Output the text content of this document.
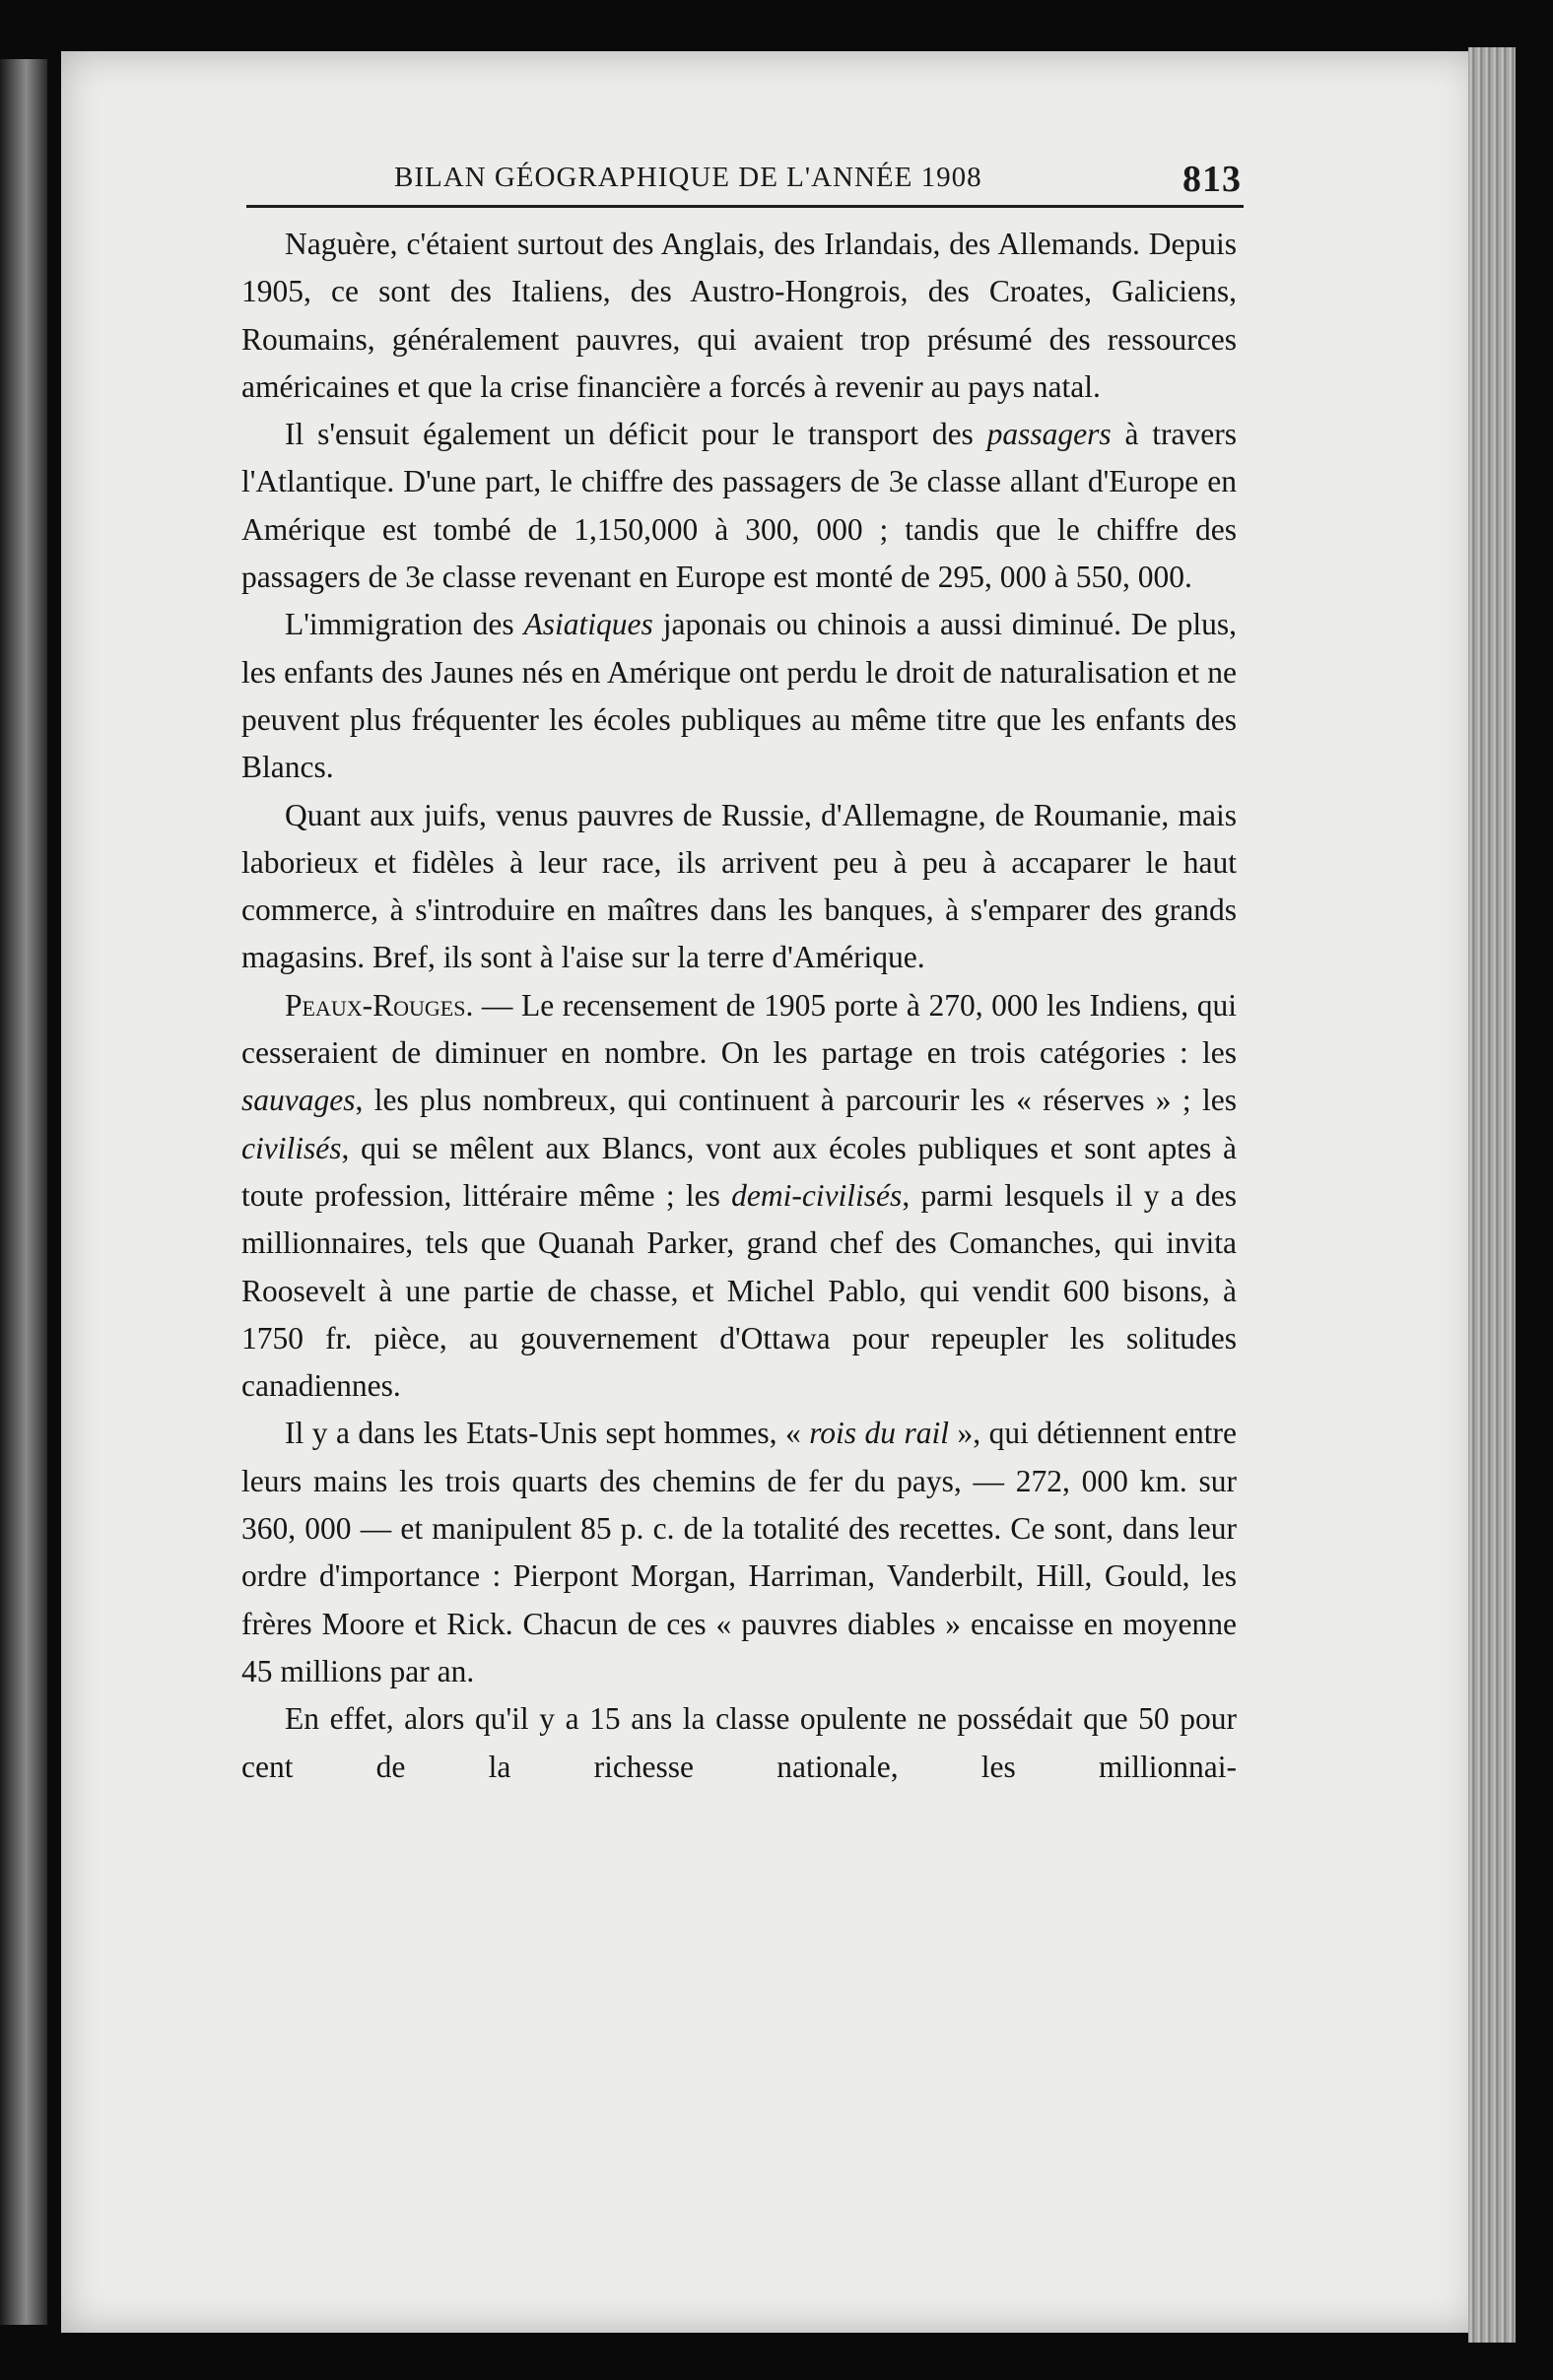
BILAN GÉOGRAPHIQUE DE L'ANNÉE 1908	813

Naguère, c'étaient surtout des Anglais, des Irlandais, des Allemands. Depuis 1905, ce sont des Italiens, des Austro-Hongrois, des Croates, Galiciens, Roumains, généralement pauvres, qui avaient trop présumé des ressources américaines et que la crise financière a forcés à revenir au pays natal.

Il s'ensuit également un déficit pour le transport des passagers à travers l'Atlantique. D'une part, le chiffre des passagers de 3e classe allant d'Europe en Amérique est tombé de 1,150,000 à 300, 000 ; tandis que le chiffre des passagers de 3e classe revenant en Europe est monté de 295, 000 à 550, 000.

L'immigration des Asiatiques japonais ou chinois a aussi diminué. De plus, les enfants des Jaunes nés en Amérique ont perdu le droit de naturalisation et ne peuvent plus fréquenter les écoles publiques au même titre que les enfants des Blancs.

Quant aux juifs, venus pauvres de Russie, d'Allemagne, de Roumanie, mais laborieux et fidèles à leur race, ils arrivent peu à peu à accaparer le haut commerce, à s'introduire en maîtres dans les banques, à s'emparer des grands magasins. Bref, ils sont à l'aise sur la terre d'Amérique.

Peaux-Rouges. — Le recensement de 1905 porte à 270, 000 les Indiens, qui cesseraient de diminuer en nombre. On les partage en trois catégories : les sauvages, les plus nombreux, qui continuent à parcourir les « réserves » ; les civilisés, qui se mêlent aux Blancs, vont aux écoles publiques et sont aptes à toute profession, littéraire même ; les demi-civilisés, parmi lesquels il y a des millionnaires, tels que Quanah Parker, grand chef des Comanches, qui invita Roosevelt à une partie de chasse, et Michel Pablo, qui vendit 600 bisons, à 1750 fr. pièce, au gouvernement d'Ottawa pour repeupler les solitudes canadiennes.

Il y a dans les Etats-Unis sept hommes, « rois du rail », qui détiennent entre leurs mains les trois quarts des chemins de fer du pays, — 272, 000 km. sur 360, 000 — et manipulent 85 p. c. de la totalité des recettes. Ce sont, dans leur ordre d'importance : Pierpont Morgan, Harriman, Vanderbilt, Hill, Gould, les frères Moore et Rick. Chacun de ces « pauvres diables » encaisse en moyenne 45 millions par an.

En effet, alors qu'il y a 15 ans la classe opulente ne possédait que 50 pour cent de la richesse nationale, les millionnai-
